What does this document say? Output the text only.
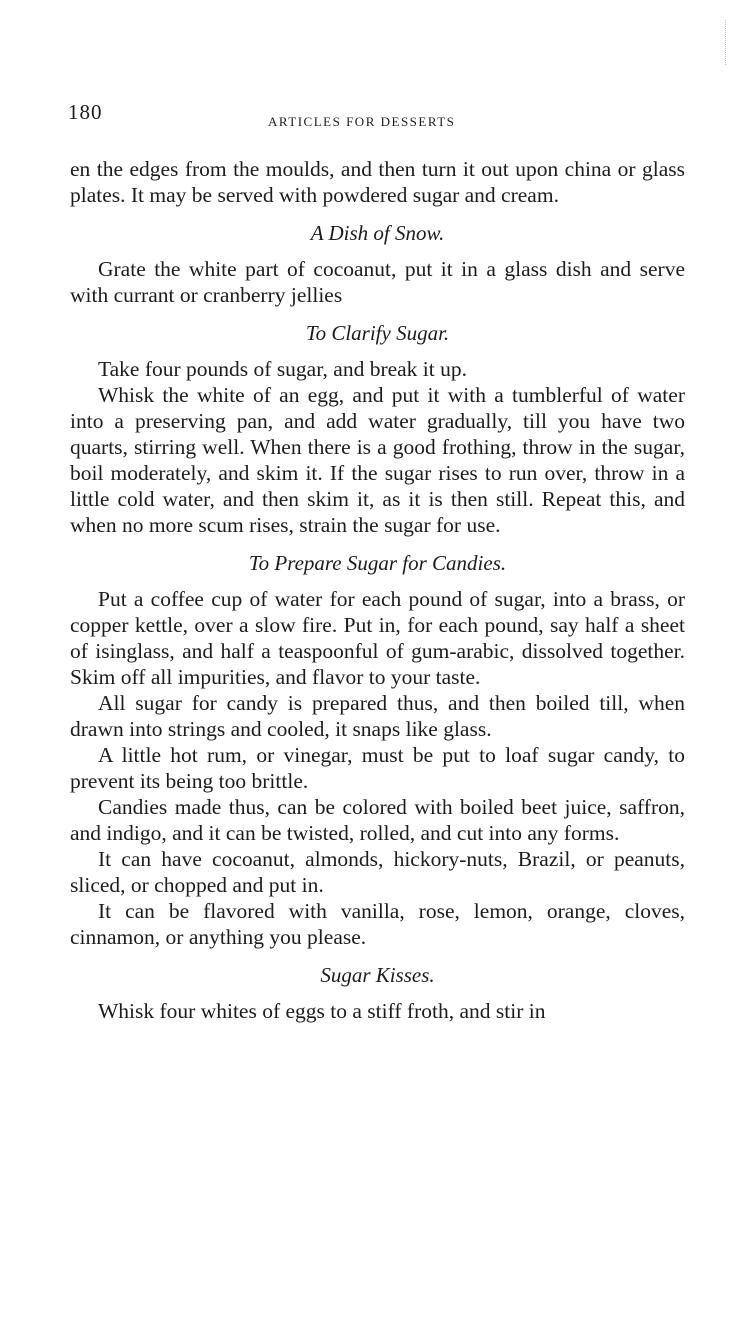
180	ARTICLES FOR DESSERTS

en the edges from the moulds, and then turn it out upon china or glass plates. It may be served with powdered sugar and cream.

A Dish of Snow.

Grate the white part of cocoanut, put it in a glass dish and serve with currant or cranberry jellies

To Clarify Sugar.

Take four pounds of sugar, and break it up.

Whisk the white of an egg, and put it with a tumblerful of water into a preserving pan, and add water gradually, till you have two quarts, stirring well. When there is a good frothing, throw in the sugar, boil moderately, and skim it. If the sugar rises to run over, throw in a little cold water, and then skim it, as it is then still. Repeat this, and when no more scum rises, strain the sugar for use.

To Prepare Sugar for Candies.

Put a coffee cup of water for each pound of sugar, into a brass, or copper kettle, over a slow fire. Put in, for each pound, say half a sheet of isinglass, and half a teaspoonful of gum-arabic, dissolved together. Skim off all impurities, and flavor to your taste.

All sugar for candy is prepared thus, and then boiled till, when drawn into strings and cooled, it snaps like glass.

A little hot rum, or vinegar, must be put to loaf sugar candy, to prevent its being too brittle.

Candies made thus, can be colored with boiled beet juice, saffron, and indigo, and it can be twisted, rolled, and cut into any forms.

It can have cocoanut, almonds, hickory-nuts, Brazil, or peanuts, sliced, or chopped and put in.

It can be flavored with vanilla, rose, lemon, orange, cloves, cinnamon, or anything you please.

Sugar Kisses.

Whisk four whites of eggs to a stiff froth, and stir in
